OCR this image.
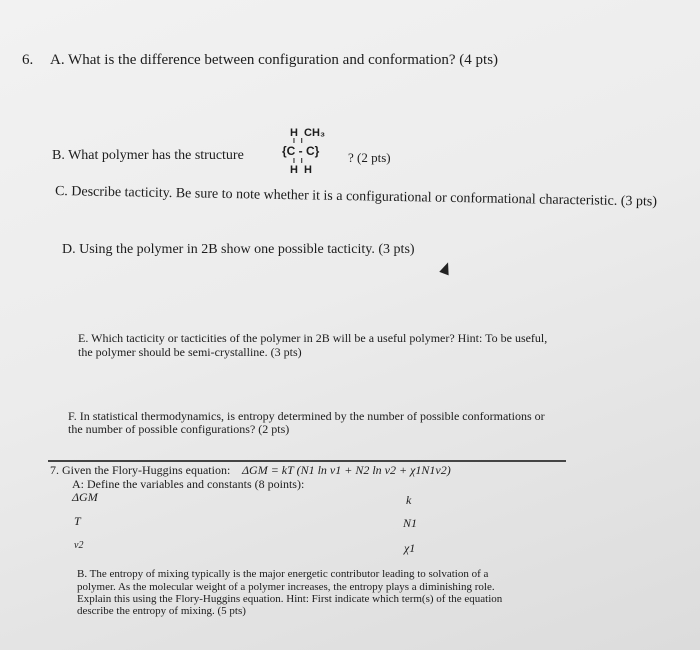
6. A. What is the difference between configuration and conformation? (4 pts)
B. What polymer has the structure
H  CH₃
I   I
{C - C}
I   I
H  H
? (2 pts)
C. Describe tacticity. Be sure to note whether it is a configurational or conformational characteristic. (3 pts)
D. Using the polymer in 2B show one possible tacticity. (3 pts)
E. Which tacticity or tacticities of the polymer in 2B will be a useful polymer? Hint: To be useful,
the polymer should be semi-crystalline. (3 pts)
F. In statistical thermodynamics, is entropy determined by the number of possible conformations or
the number of possible configurations? (2 pts)
7. Given the Flory-Huggins equation: ΔGM = kT (N1 ln v1 + N2 ln v2 + χ1N1v2)
A: Define the variables and constants (8 points):
ΔGM	k
T	N1
v2	χ1
B. The entropy of mixing typically is the major energetic contributor leading to solvation of a
polymer. As the molecular weight of a polymer increases, the entropy plays a diminishing role.
Explain this using the Flory-Huggins equation. Hint: First indicate which term(s) of the equation
describe the entropy of mixing. (5 pts)
